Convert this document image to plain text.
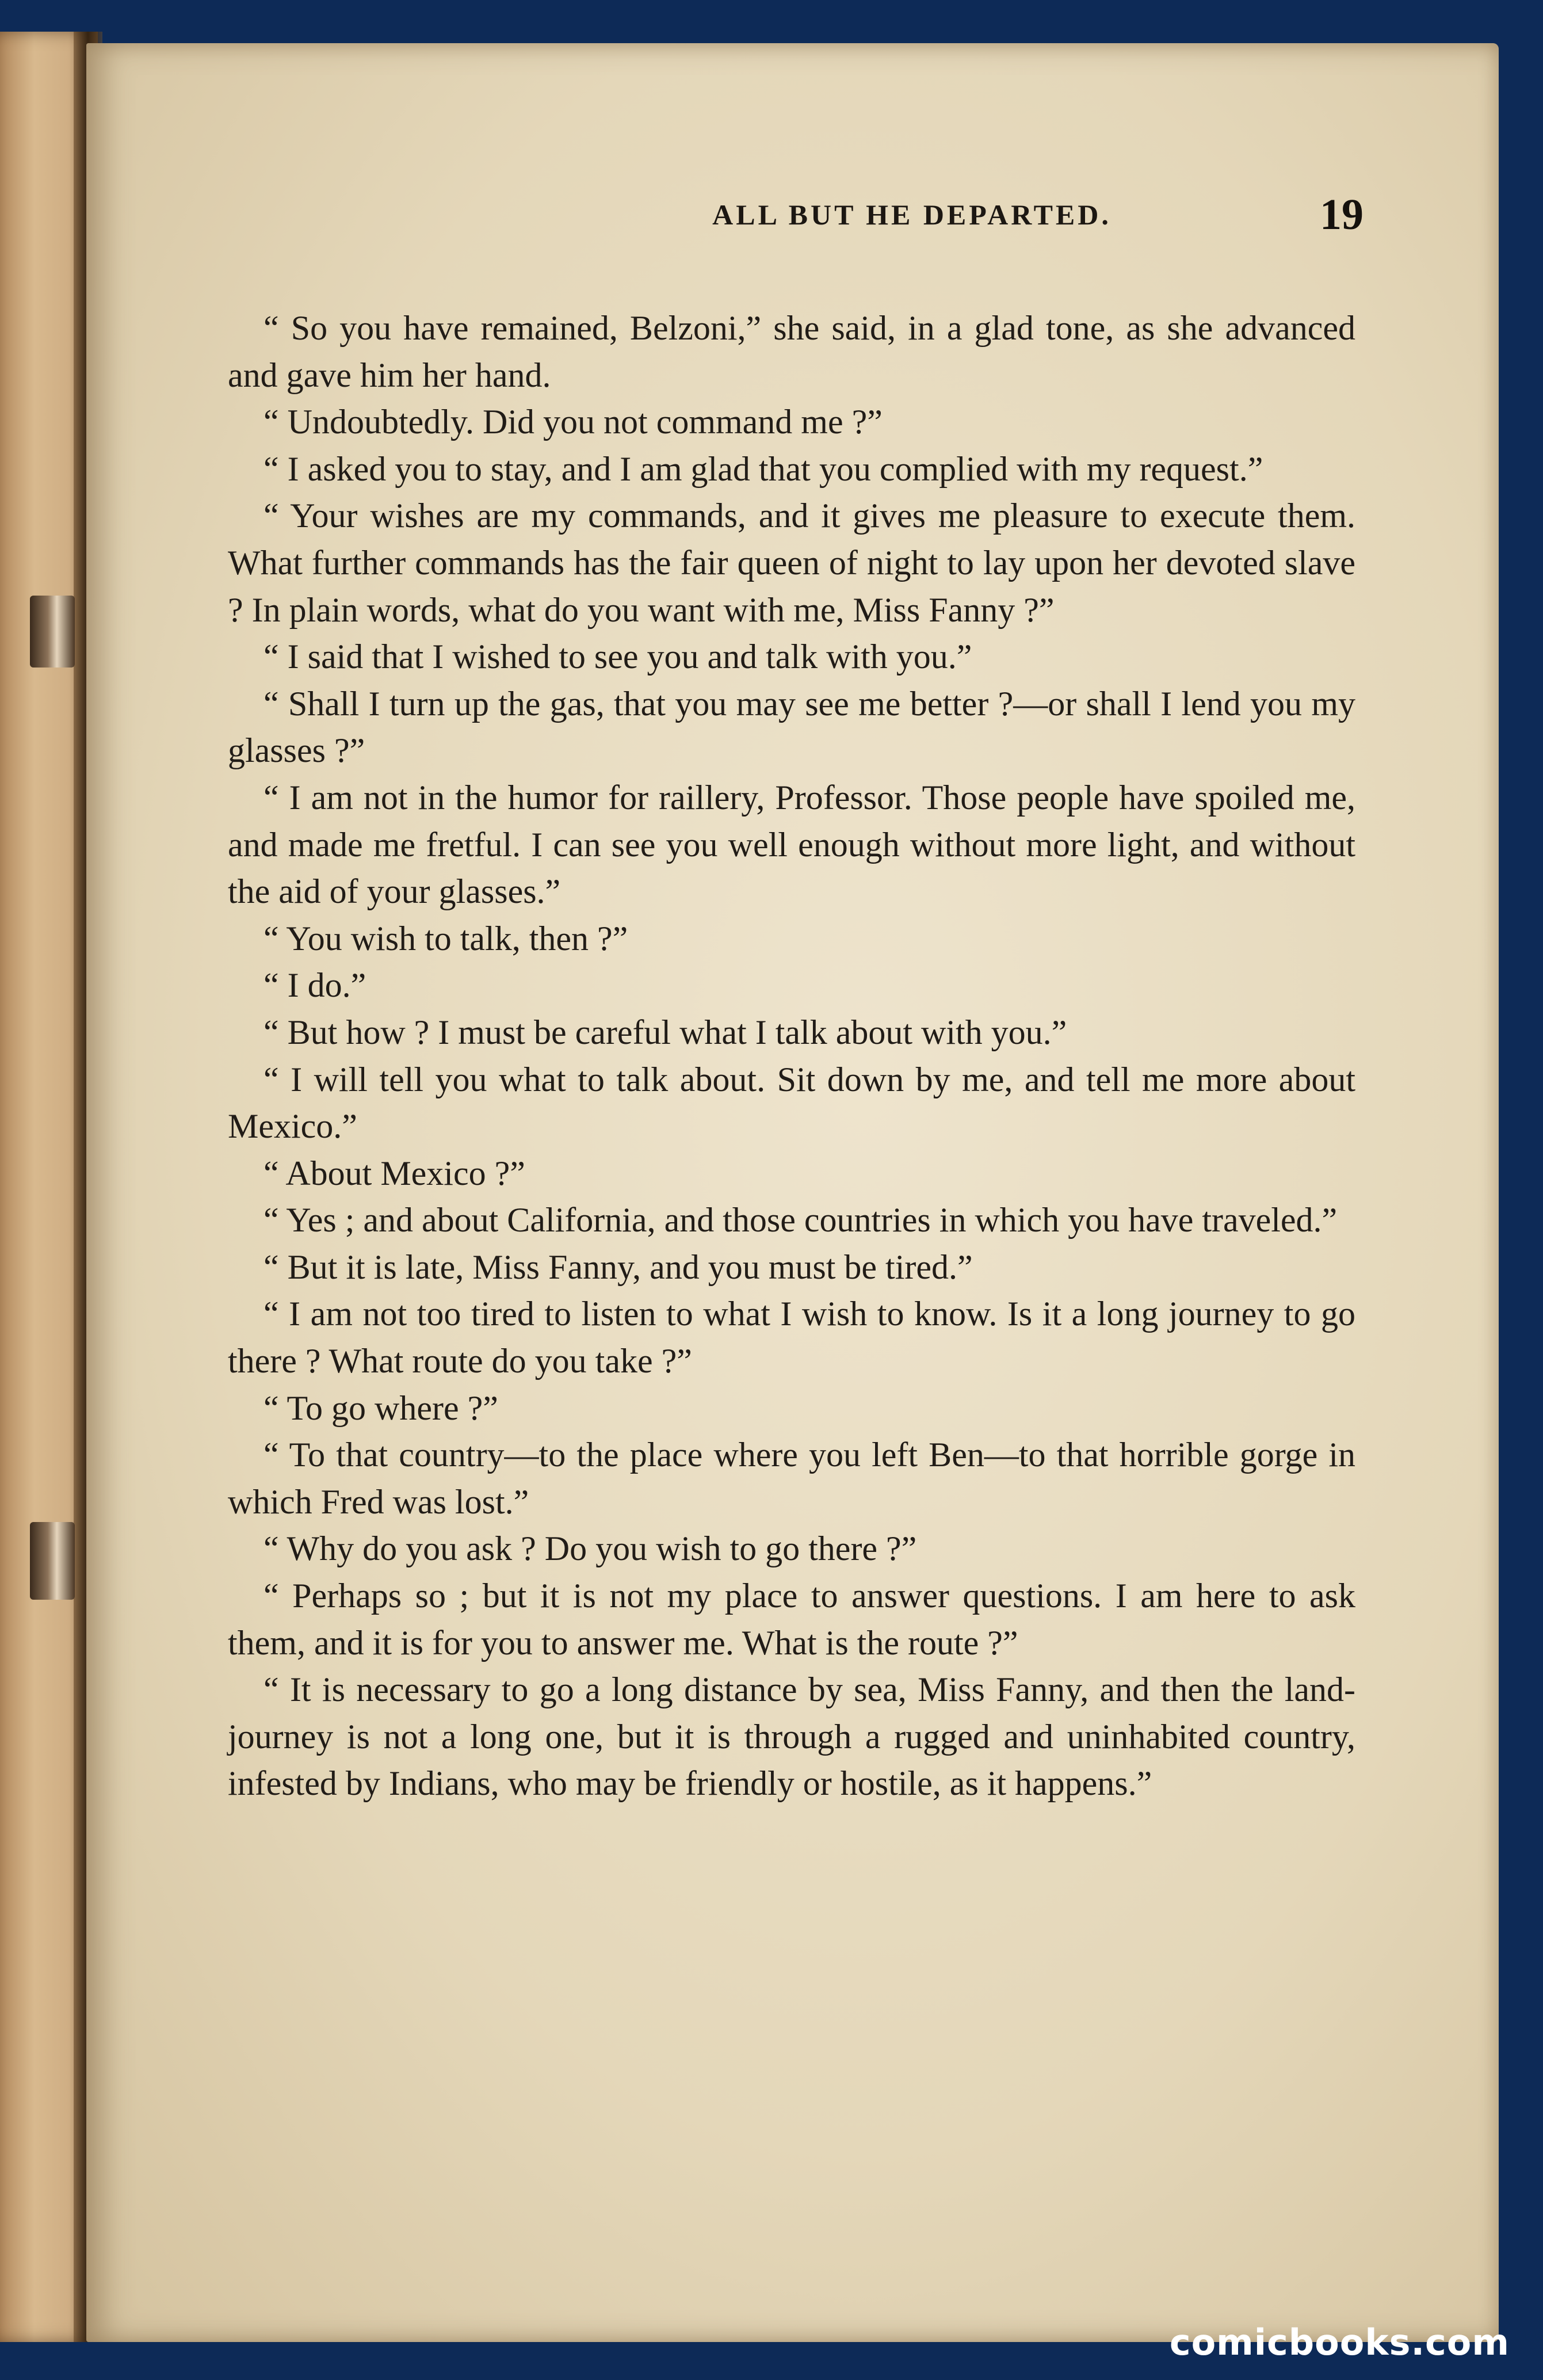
ALL BUT HE DEPARTED.	19

“ So you have remained, Belzoni,” she said, in a glad tone, as she advanced and gave him her hand.

“ Undoubtedly. Did you not command me ?”

“ I asked you to stay, and I am glad that you complied with my request.”

“ Your wishes are my commands, and it gives me pleasure to execute them. What further commands has the fair queen of night to lay upon her devoted slave ? In plain words, what do you want with me, Miss Fanny ?”

“ I said that I wished to see you and talk with you.”

“ Shall I turn up the gas, that you may see me better ?—or shall I lend you my glasses ?”

“ I am not in the humor for raillery, Professor. Those people have spoiled me, and made me fretful. I can see you well enough without more light, and without the aid of your glasses.”

“ You wish to talk, then ?”

“ I do.”

“ But how ? I must be careful what I talk about with you.”

“ I will tell you what to talk about. Sit down by me, and tell me more about Mexico.”

“ About Mexico ?”

“ Yes ; and about California, and those countries in which you have traveled.”

“ But it is late, Miss Fanny, and you must be tired.”

“ I am not too tired to listen to what I wish to know. Is it a long journey to go there ? What route do you take ?”

“ To go where ?”

“ To that country—to the place where you left Ben—to that horrible gorge in which Fred was lost.”

“ Why do you ask ? Do you wish to go there ?”

“ Perhaps so ; but it is not my place to answer questions. I am here to ask them, and it is for you to answer me. What is the route ?”

“ It is necessary to go a long distance by sea, Miss Fanny, and then the land-journey is not a long one, but it is through a rugged and uninhabited country, infested by Indians, who may be friendly or hostile, as it happens.”

comicbooks.com
